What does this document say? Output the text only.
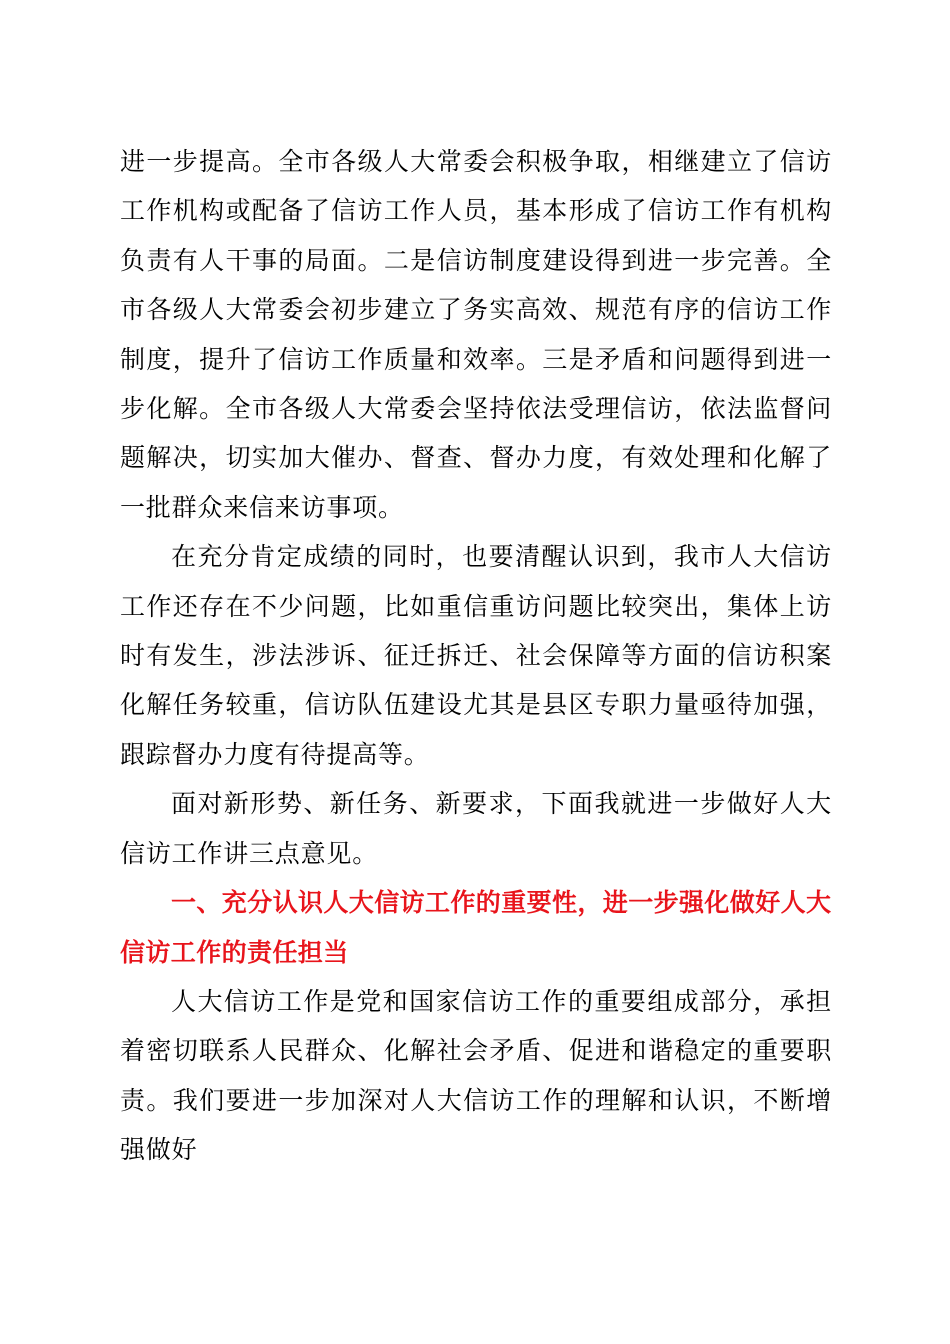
进一步提高。全市各级人大常委会积极争取，相继建立了信访工作机构或配备了信访工作人员，基本形成了信访工作有机构负责有人干事的局面。二是信访制度建设得到进一步完善。全市各级人大常委会初步建立了务实高效、规范有序的信访工作制度，提升了信访工作质量和效率。三是矛盾和问题得到进一步化解。全市各级人大常委会坚持依法受理信访，依法监督问题解决，切实加大催办、督查、督办力度，有效处理和化解了一批群众来信来访事项。

在充分肯定成绩的同时，也要清醒认识到，我市人大信访工作还存在不少问题，比如重信重访问题比较突出，集体上访时有发生，涉法涉诉、征迁拆迁、社会保障等方面的信访积案化解任务较重，信访队伍建设尤其是县区专职力量亟待加强，跟踪督办力度有待提高等。

面对新形势、新任务、新要求，下面我就进一步做好人大信访工作讲三点意见。

一、充分认识人大信访工作的重要性，进一步强化做好人大信访工作的责任担当

人大信访工作是党和国家信访工作的重要组成部分，承担着密切联系人民群众、化解社会矛盾、促进和谐稳定的重要职责。我们要进一步加深对人大信访工作的理解和认识，不断增强做好
